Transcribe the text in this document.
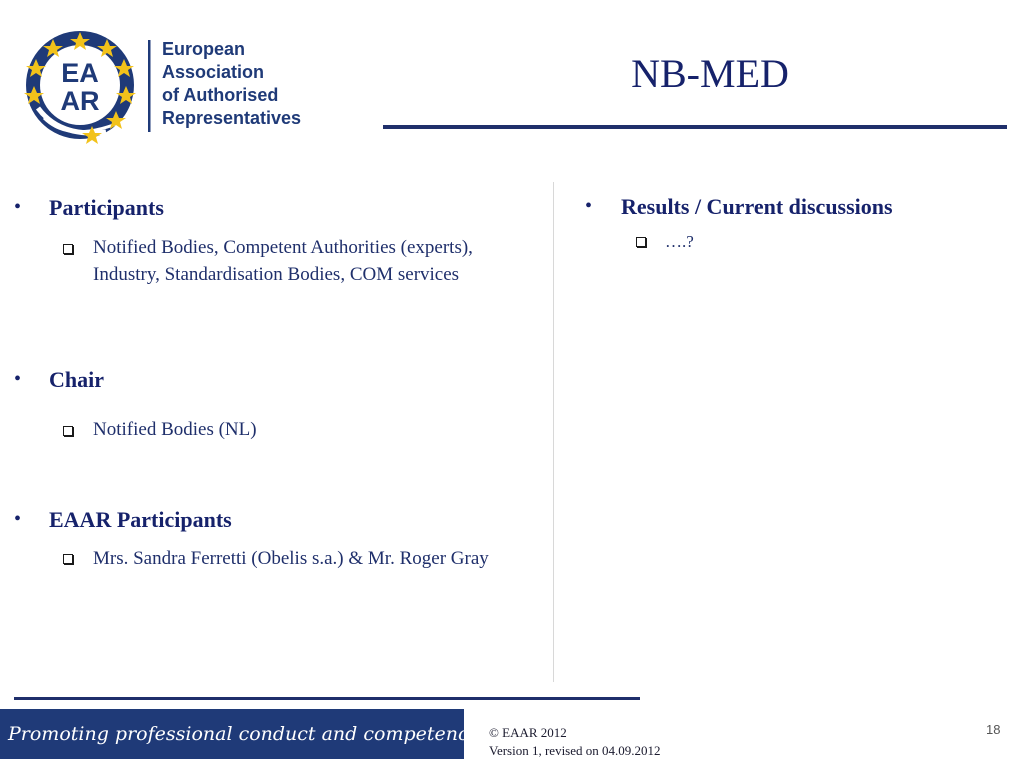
EA
AR
European
Association
of Authorised
Representatives
NB-MED
• Participants
Notified Bodies, Competent Authorities (experts), Industry, Standardisation Bodies, COM services
• Chair
Notified Bodies (NL)
• EAAR Participants
Mrs. Sandra Ferretti (Obelis s.a.) & Mr. Roger Gray
• Results / Current discussions
….?
Promoting professional conduct and competence © EAAR 2012
Version 1, revised on 04.09.2012
18
